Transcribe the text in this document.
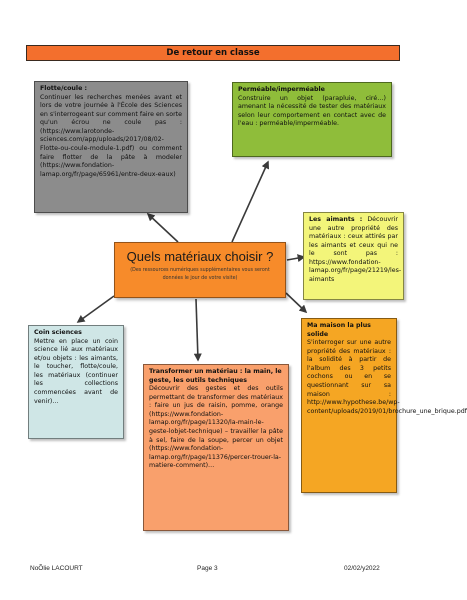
De retour en classe
Flotte/coule :
Continuer les recherches menées avant et lors de votre journée à l'École des Sciences en s'interrogeant sur comment faire en sorte qu'un écrou ne coule pas : (https://www.larotonde-sciences.com/app/uploads/2017/08/02-Flotte-ou-coule-module-1.pdf) ou comment faire flotter de la pâte à modeler (https://www.fondation-lamap.org/fr/page/65961/entre-deux-eaux)
Perméable/imperméable
Construire un objet (parapluie, ciré…) amenant la nécessité de tester des matériaux selon leur comportement en contact avec de l'eau : perméable/imperméable.
Les aimants : Découvrir une autre propriété des matériaux : ceux attirés par les aimants et ceux qui ne le sont pas : https://www.fondation-lamap.org/fr/page/21219/les-aimants
Quels matériaux choisir ?
(Des ressources numériques supplémentaires vous seront données le jour de votre visite)
Coin sciences
Mettre en place un coin science lié aux matériaux et/ou objets : les aimants, le toucher, flotte/coule, les matériaux (continuer les collections commencées avant de venir)…
Ma maison la plus solide
S'interroger sur une autre propriété des matériaux : la solidité à partir de l'album des 3 petits cochons ou en se questionnant sur sa maison : http://www.hypothese.be/wp-content/uploads/2019/01/brochure_une_brique.pdf
Transformer un matériau : la main, le geste, les outils techniques
Découvrir des gestes et des outils permettant de transformer des matériaux : faire un jus de raisin, pomme, orange (https://www.fondation-lamap.org/fr/page/11320/la-main-le-geste-lobjet-technique) – travailler la pâte à sel, faire de la soupe, percer un objet (https://www.fondation-lamap.org/fr/page/11376/percer-trouer-la-matiere-comment)…
NoÕlie LACOURT	Page 3	02/02/y2022
